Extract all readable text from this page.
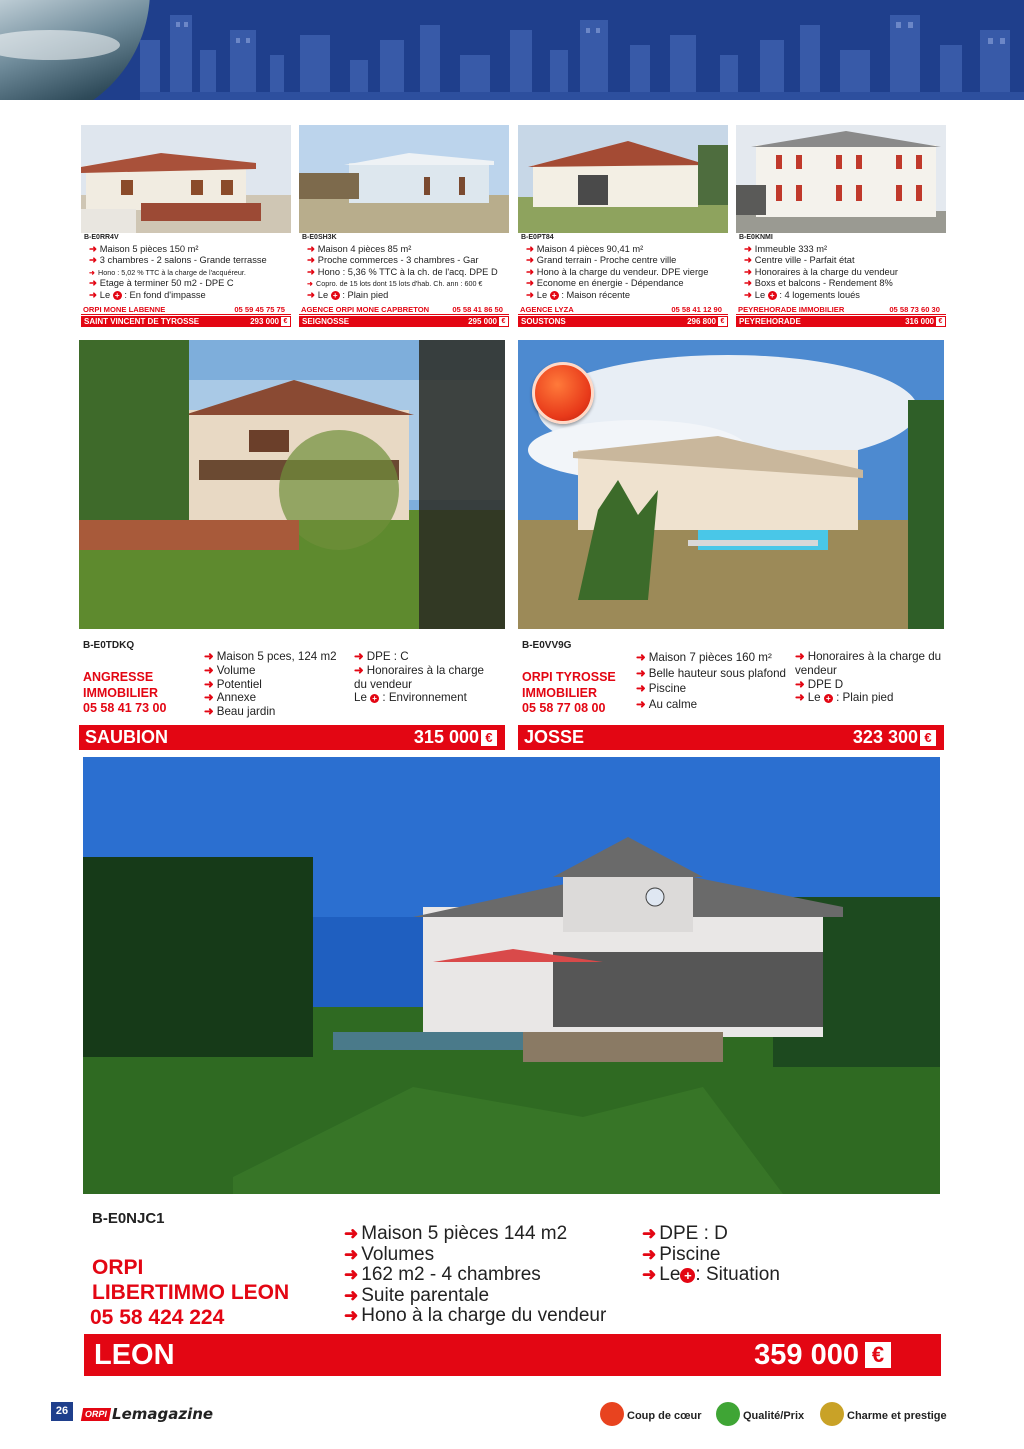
B-E0RR4V
➜ Maison 5 pièces 150 m²
➜ 3 chambres - 2 salons - Grande terrasse
➜ Hono : 5,02 % TTC à la charge de l'acquéreur.
➜ Etage à terminer 50 m2 - DPE C
➜ Le + : En fond d'impasse
ORPI MONE LABENNE	05 59 45 75 75
SAINT VINCENT DE TYROSSE	293 000 €
B-E0SH3K
➜ Maison 4 pièces 85 m²
➜ Proche commerces - 3 chambres - Gar
➜ Hono : 5,36 % TTC à la ch. de l'acq. DPE D
➜ Copro. de 15 lots dont 15 lots d'hab. Ch. ann : 600 €
➜ Le + : Plain pied
AGENCE ORPI MONE CAPBRETON	05 58 41 86 50
SEIGNOSSE	295 000 €
B-E0PT84
➜ Maison 4 pièces 90,41 m²
➜ Grand terrain - Proche centre ville
➜ Hono à la charge du vendeur. DPE vierge
➜ Econome en énergie - Dépendance
➜ Le + : Maison récente
AGENCE LYZA	05 58 41 12 90
SOUSTONS	296 800 €
B-E0KNMI
➜ Immeuble 333 m²
➜ Centre ville - Parfait état
➜ Honoraires à la charge du vendeur
➜ Boxs et balcons - Rendement 8%
➜ Le + : 4 logements loués
PEYREHORADE IMMOBILIER	05 58 73 60 30
PEYREHORADE	316 000 €
B-E0TDKQ
ANGRESSE
IMMOBILIER
05 58 41 73 00
➜ Maison 5 pces, 124 m2
➜ Volume
➜ Potentiel
➜ Annexe
➜ Beau jardin
➜ DPE : C
➜ Honoraires à la charge
du vendeur
Le + : Environnement
SAUBION	315 000 €
B-E0VV9G
ORPI TYROSSE
IMMOBILIER
05 58 77 08 00
➜ Maison 7 pièces 160 m²
➜ Belle hauteur sous plafond
➜ Piscine
➜ Au calme
➜ Honoraires à la charge du
vendeur
➜ DPE D
➜ Le + : Plain pied
JOSSE	323 300 €
B-E0NJC1
ORPI
LIBERTIMMO LEON
05 58 424 224
➜ Maison 5 pièces 144 m2
➜ Volumes
➜ 162 m2 - 4 chambres
➜ Suite parentale
➜ Hono à la charge du vendeur
➜ DPE : D
➜ Piscine
➜ Le + : Situation
LEON	359 000 €
26	ORPI Lemagazine	Coup de cœur	Qualité/Prix	Charme et prestige
